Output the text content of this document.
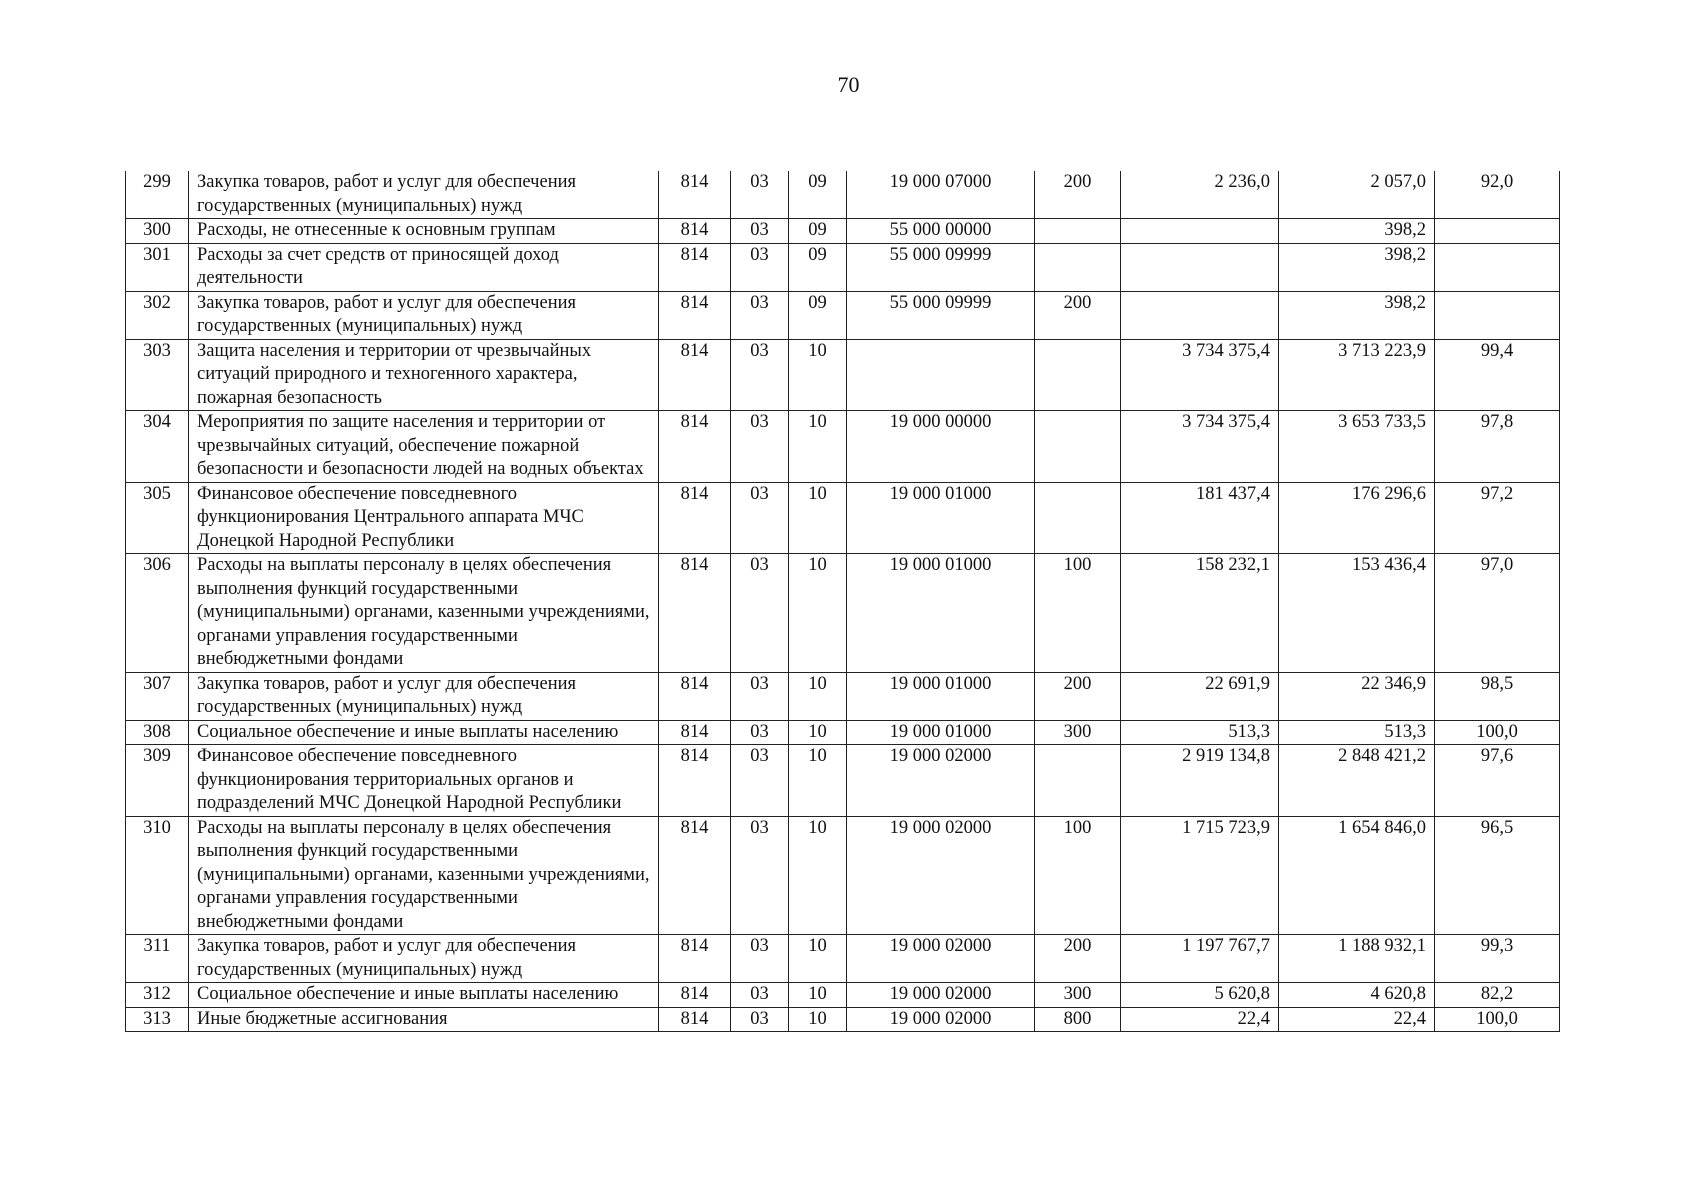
70
299	Закупка товаров, работ и услуг для обеспечения государственных (муниципальных) нужд	814	03	09	19 000 07000	200	2 236,0	2 057,0	92,0
300	Расходы, не отнесенные к основным группам	814	03	09	55 000 00000			398,2	
301	Расходы за счет средств от приносящей доход деятельности	814	03	09	55 000 09999			398,2	
302	Закупка товаров, работ и услуг для обеспечения государственных (муниципальных) нужд	814	03	09	55 000 09999	200		398,2	
303	Защита населения и территории от чрезвычайных ситуаций природного и техногенного характера, пожарная безопасность	814	03	10			3 734 375,4	3 713 223,9	99,4
304	Мероприятия по защите населения и территории от чрезвычайных ситуаций, обеспечение пожарной безопасности и безопасности людей на водных объектах	814	03	10	19 000 00000		3 734 375,4	3 653 733,5	97,8
305	Финансовое обеспечение повседневного функционирования Центрального аппарата МЧС Донецкой Народной Республики	814	03	10	19 000 01000		181 437,4	176 296,6	97,2
306	Расходы на выплаты персоналу в целях обеспечения выполнения функций государственными (муниципальными) органами, казенными учреждениями, органами управления государственными внебюджетными фондами	814	03	10	19 000 01000	100	158 232,1	153 436,4	97,0
307	Закупка товаров, работ и услуг для обеспечения государственных (муниципальных) нужд	814	03	10	19 000 01000	200	22 691,9	22 346,9	98,5
308	Социальное обеспечение и иные выплаты населению	814	03	10	19 000 01000	300	513,3	513,3	100,0
309	Финансовое обеспечение повседневного функционирования территориальных органов и подразделений МЧС Донецкой Народной Республики	814	03	10	19 000 02000		2 919 134,8	2 848 421,2	97,6
310	Расходы на выплаты персоналу в целях обеспечения выполнения функций государственными (муниципальными) органами, казенными учреждениями, органами управления государственными внебюджетными фондами	814	03	10	19 000 02000	100	1 715 723,9	1 654 846,0	96,5
311	Закупка товаров, работ и услуг для обеспечения государственных (муниципальных) нужд	814	03	10	19 000 02000	200	1 197 767,7	1 188 932,1	99,3
312	Социальное обеспечение и иные выплаты населению	814	03	10	19 000 02000	300	5 620,8	4 620,8	82,2
313	Иные бюджетные ассигнования	814	03	10	19 000 02000	800	22,4	22,4	100,0
